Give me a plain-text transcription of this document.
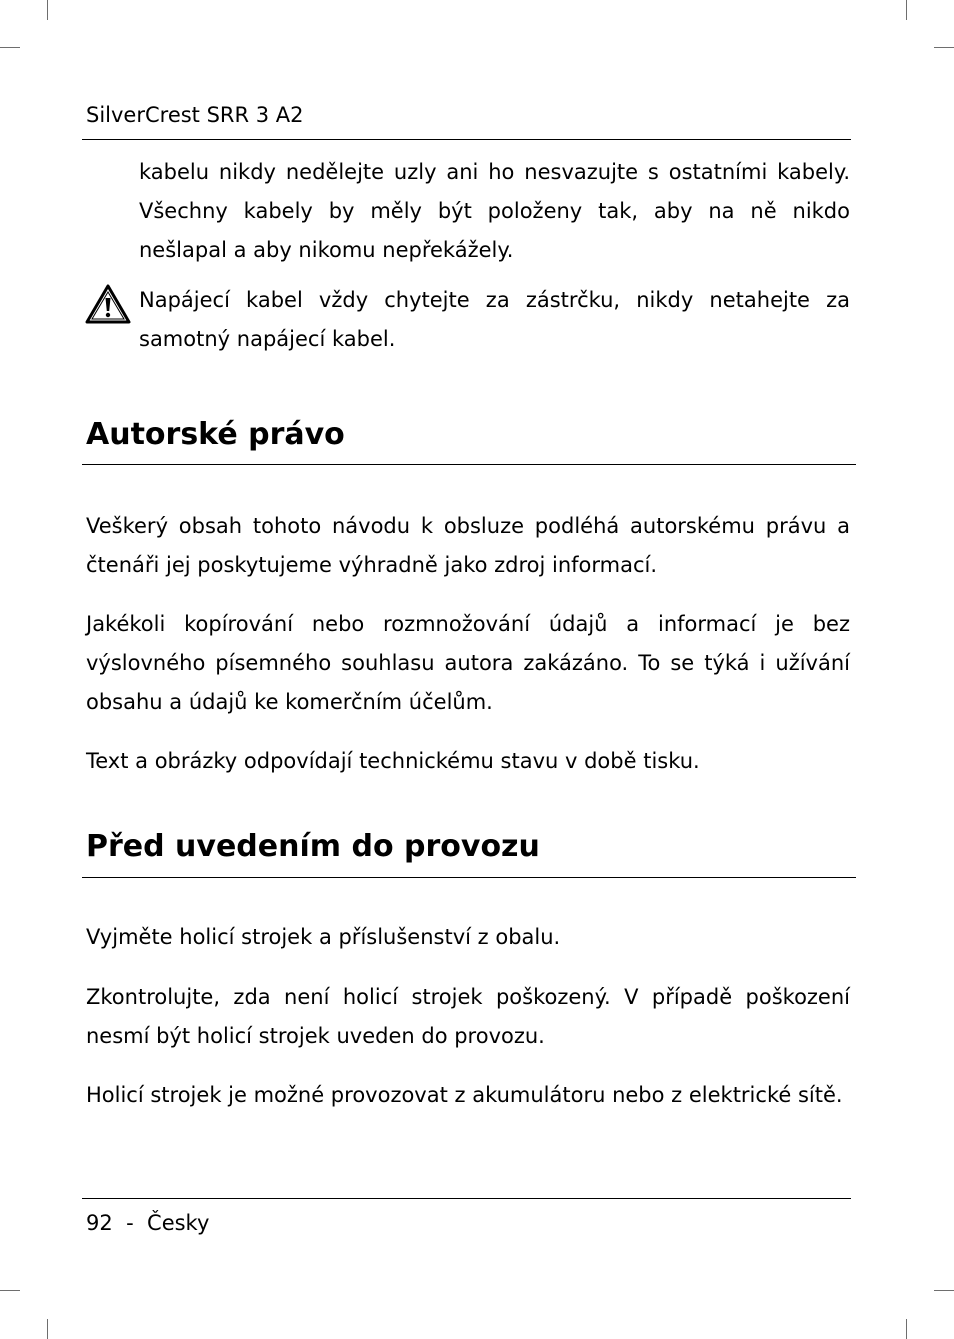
SilverCrest SRR 3 A2

kabelu nikdy nedělejte uzly ani ho nesvazujte s ostatními kabely. Všechny kabely by měly být položeny tak, aby na ně nikdo nešlapal a aby nikomu nepřekážely.

Napájecí kabel vždy chytejte za zástrčku, nikdy netahejte za samotný napájecí kabel.

Autorské právo

Veškerý obsah tohoto návodu k obsluze podléhá autorskému právu a čtenáři jej poskytujeme výhradně jako zdroj informací.

Jakékoli kopírování nebo rozmnožování údajů a informací je bez výslovného písemného souhlasu autora zakázáno. To se týká i užívání obsahu a údajů ke komerčním účelům.

Text a obrázky odpovídají technickému stavu v době tisku.

Před uvedením do provozu

Vyjměte holicí strojek a příslušenství z obalu.

Zkontrolujte, zda není holicí strojek poškozený. V případě poškození nesmí být holicí strojek uveden do provozu.

Holicí strojek je možné provozovat z akumulátoru nebo z elektrické sítě.

92 - Česky
